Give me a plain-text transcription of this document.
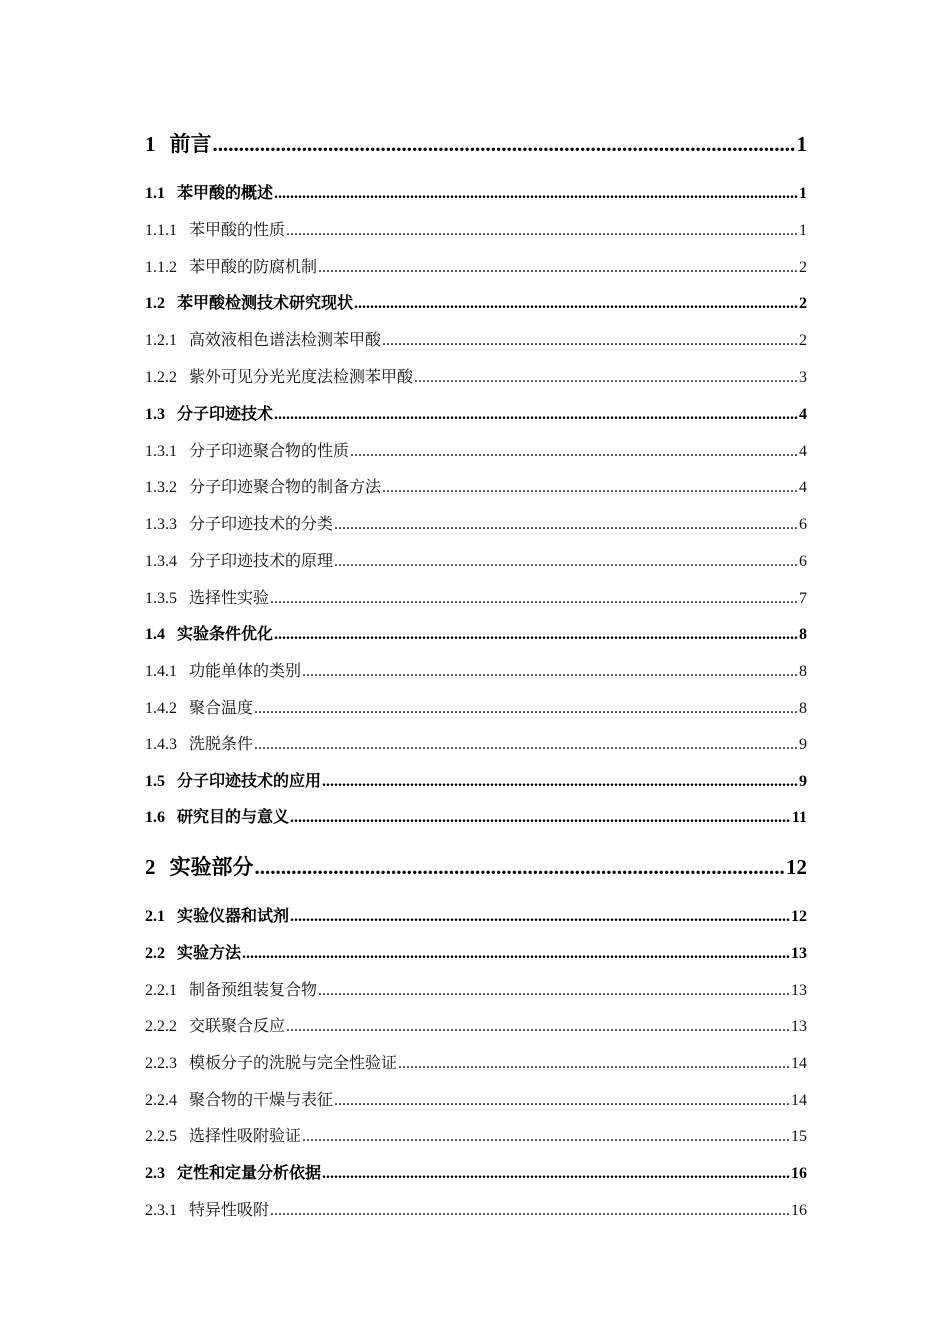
1 前言 .....	1
1.1 苯甲酸的概述 .....	1
1.1.1 苯甲酸的性质 .....	1
1.1.2 苯甲酸的防腐机制 .....	2
1.2 苯甲酸检测技术研究现状 .....	2
1.2.1 高效液相色谱法检测苯甲酸 .....	2
1.2.2 紫外可见分光光度法检测苯甲酸 .....	3
1.3 分子印迹技术 .....	4
1.3.1 分子印迹聚合物的性质 .....	4
1.3.2 分子印迹聚合物的制备方法 .....	4
1.3.3 分子印迹技术的分类 .....	6
1.3.4 分子印迹技术的原理 .....	6
1.3.5 选择性实验 .....	7
1.4 实验条件优化 .....	8
1.4.1 功能单体的类别 .....	8
1.4.2 聚合温度 .....	8
1.4.3 洗脱条件 .....	9
1.5 分子印迹技术的应用 .....	9
1.6 研究目的与意义 .....	11
2 实验部分 .....	12
2.1 实验仪器和试剂 .....	12
2.2 实验方法 .....	13
2.2.1 制备预组装复合物 .....	13
2.2.2 交联聚合反应 .....	13
2.2.3 模板分子的洗脱与完全性验证 .....	14
2.2.4 聚合物的干燥与表征 .....	14
2.2.5 选择性吸附验证 .....	15
2.3 定性和定量分析依据 .....	16
2.3.1 特异性吸附 .....	16
